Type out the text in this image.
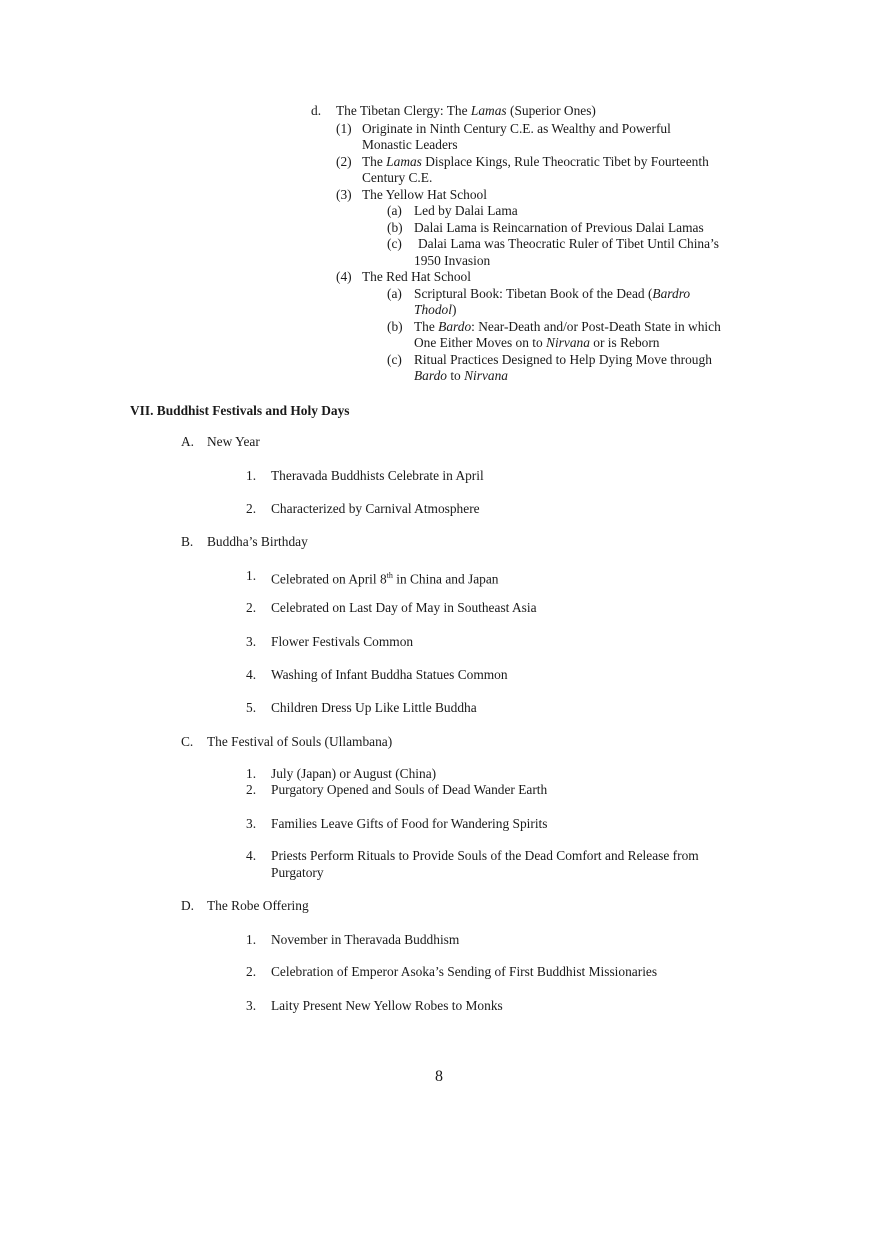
d. The Tibetan Clergy: The Lamas (Superior Ones)
(1) Originate in Ninth Century C.E. as Wealthy and Powerful
Monastic Leaders
(2) The Lamas Displace Kings, Rule Theocratic Tibet by Fourteenth
Century C.E.
(3) The Yellow Hat School
(a) Led by Dalai Lama
(b) Dalai Lama is Reincarnation of Previous Dalai Lamas
(c) Dalai Lama was Theocratic Ruler of Tibet Until China’s
1950 Invasion
(4) The Red Hat School
(a) Scriptural Book: Tibetan Book of the Dead (Bardro
Thodol)
(b) The Bardo: Near-Death and/or Post-Death State in which
One Either Moves on to Nirvana or is Reborn
(c) Ritual Practices Designed to Help Dying Move through
Bardo to Nirvana
VII. Buddhist Festivals and Holy Days
A. New Year
1. Theravada Buddhists Celebrate in April
2. Characterized by Carnival Atmosphere
B. Buddha’s Birthday
1. Celebrated on April 8th in China and Japan
2. Celebrated on Last Day of May in Southeast Asia
3. Flower Festivals Common
4. Washing of Infant Buddha Statues Common
5. Children Dress Up Like Little Buddha
C. The Festival of Souls (Ullambana)
1. July (Japan) or August (China)
2. Purgatory Opened and Souls of Dead Wander Earth
3. Families Leave Gifts of Food for Wandering Spirits
4. Priests Perform Rituals to Provide Souls of the Dead Comfort and Release from
Purgatory
D. The Robe Offering
1. November in Theravada Buddhism
2. Celebration of Emperor Asoka’s Sending of First Buddhist Missionaries
3. Laity Present New Yellow Robes to Monks
8
